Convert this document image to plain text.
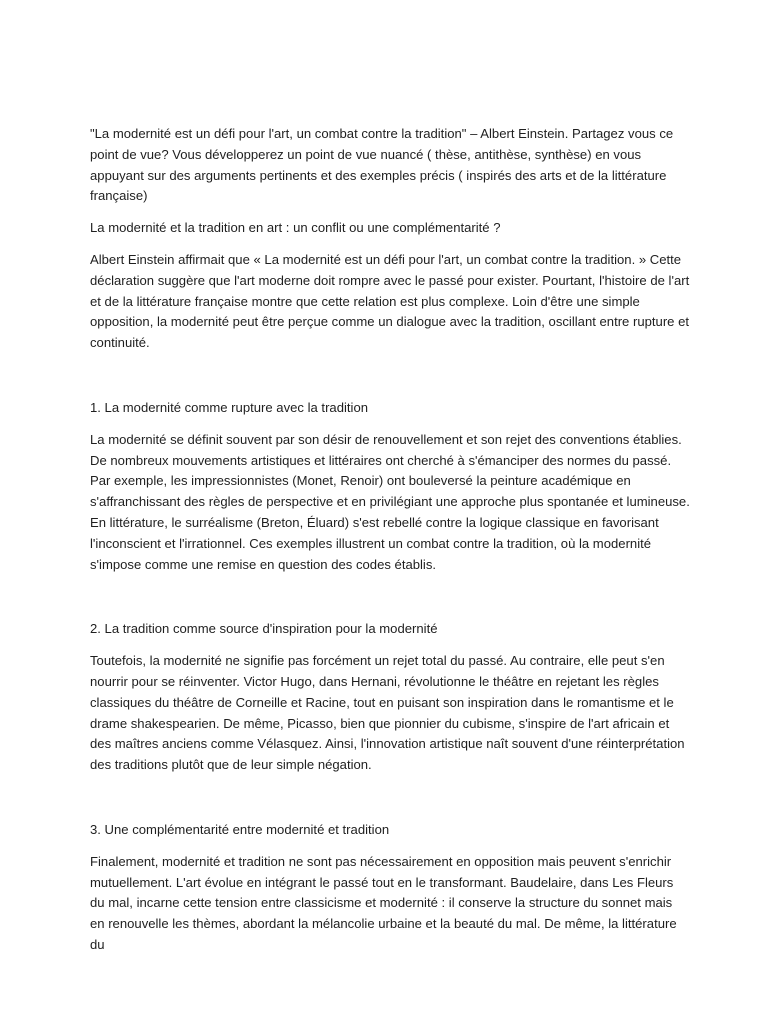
"La modernité est un défi pour l'art, un combat contre la tradition" – Albert Einstein. Partagez vous ce point de vue? Vous développerez un point de vue nuancé ( thèse, antithèse, synthèse) en vous appuyant sur des arguments pertinents et des exemples précis ( inspirés des arts et de la littérature française)

La modernité et la tradition en art : un conflit ou une complémentarité ?

Albert Einstein affirmait que « La modernité est un défi pour l'art, un combat contre la tradition. » Cette déclaration suggère que l'art moderne doit rompre avec le passé pour exister. Pourtant, l'histoire de l'art et de la littérature française montre que cette relation est plus complexe. Loin d'être une simple opposition, la modernité peut être perçue comme un dialogue avec la tradition, oscillant entre rupture et continuité.

1. La modernité comme rupture avec la tradition

La modernité se définit souvent par son désir de renouvellement et son rejet des conventions établies. De nombreux mouvements artistiques et littéraires ont cherché à s'émanciper des normes du passé. Par exemple, les impressionnistes (Monet, Renoir) ont bouleversé la peinture académique en s'affranchissant des règles de perspective et en privilégiant une approche plus spontanée et lumineuse. En littérature, le surréalisme (Breton, Éluard) s'est rebellé contre la logique classique en favorisant l'inconscient et l'irrationnel. Ces exemples illustrent un combat contre la tradition, où la modernité s'impose comme une remise en question des codes établis.

2. La tradition comme source d'inspiration pour la modernité

Toutefois, la modernité ne signifie pas forcément un rejet total du passé. Au contraire, elle peut s'en nourrir pour se réinventer. Victor Hugo, dans Hernani, révolutionne le théâtre en rejetant les règles classiques du théâtre de Corneille et Racine, tout en puisant son inspiration dans le romantisme et le drame shakespearien. De même, Picasso, bien que pionnier du cubisme, s'inspire de l'art africain et des maîtres anciens comme Vélasquez. Ainsi, l'innovation artistique naît souvent d'une réinterprétation des traditions plutôt que de leur simple négation.

3. Une complémentarité entre modernité et tradition

Finalement, modernité et tradition ne sont pas nécessairement en opposition mais peuvent s'enrichir mutuellement. L'art évolue en intégrant le passé tout en le transformant. Baudelaire, dans Les Fleurs du mal, incarne cette tension entre classicisme et modernité : il conserve la structure du sonnet mais en renouvelle les thèmes, abordant la mélancolie urbaine et la beauté du mal. De même, la littérature du
